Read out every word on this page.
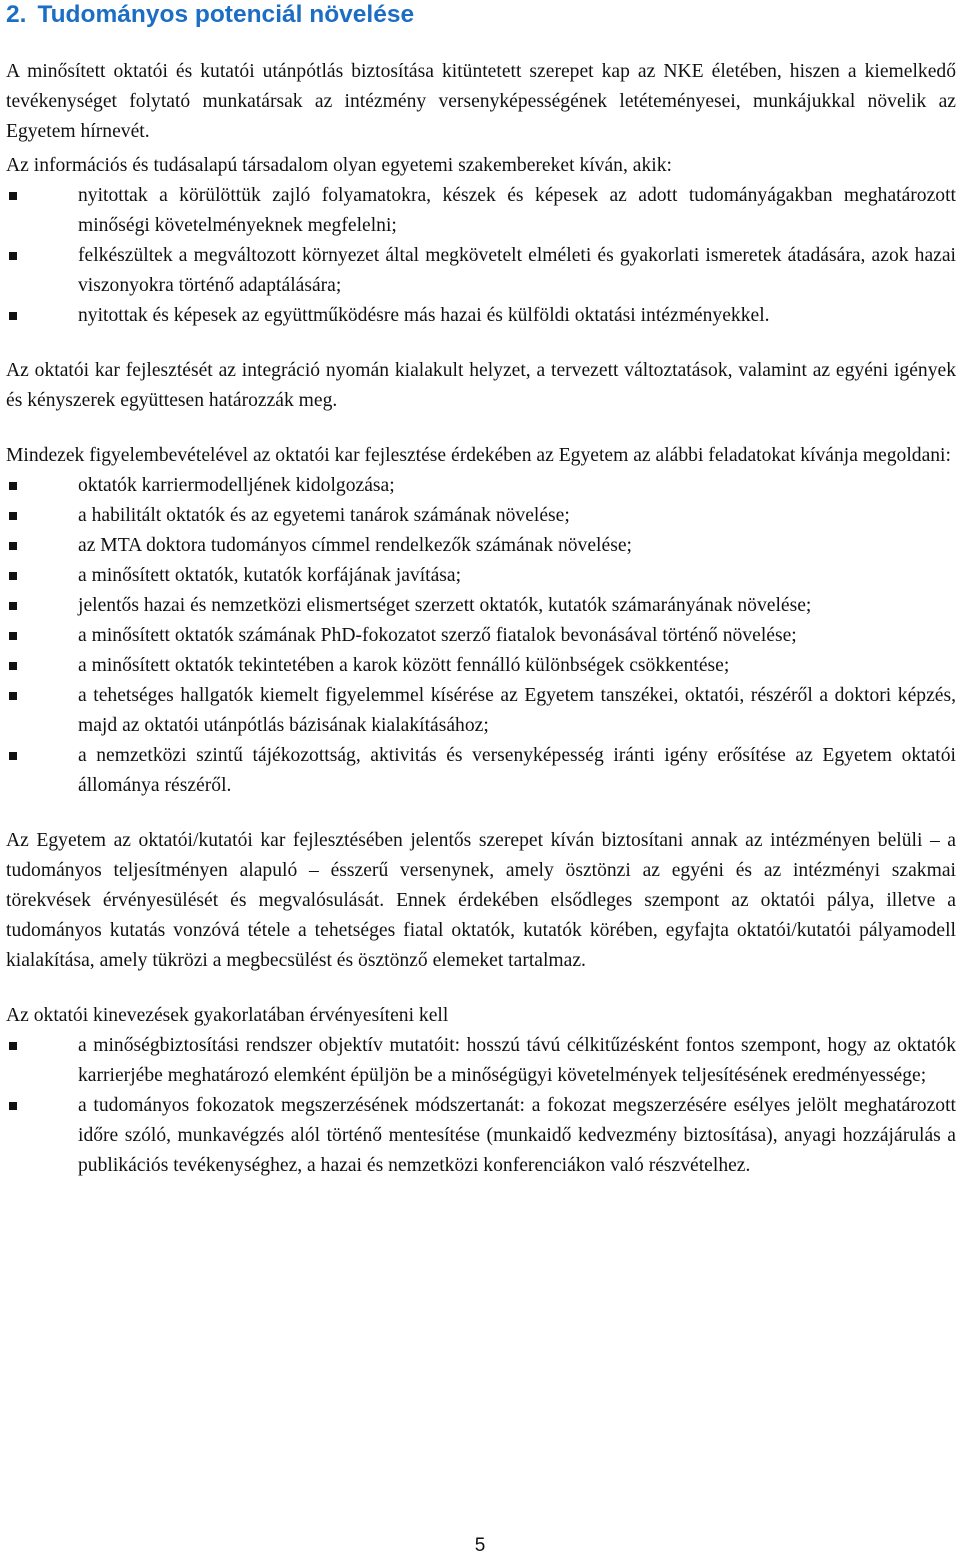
2. Tudományos potenciál növelése

A minősített oktatói és kutatói utánpótlás biztosítása kitüntetett szerepet kap az NKE életében, hiszen a kiemelkedő tevékenységet folytató munkatársak az intézmény versenyképességének letéteményesei, munkájukkal növelik az Egyetem hírnevét.

Az információs és tudásalapú társadalom olyan egyetemi szakembereket kíván, akik:

nyitottak a körülöttük zajló folyamatokra, készek és képesek az adott tudományágakban meghatározott minőségi követelményeknek megfelelni;
felkészültek a megváltozott környezet által megkövetelt elméleti és gyakorlati ismeretek átadására, azok hazai viszonyokra történő adaptálására;
nyitottak és képesek az együttműködésre más hazai és külföldi oktatási intézményekkel.

Az oktatói kar fejlesztését az integráció nyomán kialakult helyzet, a tervezett változtatások, valamint az egyéni igények és kényszerek együttesen határozzák meg.

Mindezek figyelembevételével az oktatói kar fejlesztése érdekében az Egyetem az alábbi feladatokat kívánja megoldani:

oktatók karriermodelljének kidolgozása;
a habilitált oktatók és az egyetemi tanárok számának növelése;
az MTA doktora tudományos címmel rendelkezők számának növelése;
a minősített oktatók, kutatók korfájának javítása;
jelentős hazai és nemzetközi elismertséget szerzett oktatók, kutatók számarányának növelése;
a minősített oktatók számának PhD-fokozatot szerző fiatalok bevonásával történő növelése;
a minősített oktatók tekintetében a karok között fennálló különbségek csökkentése;
a tehetséges hallgatók kiemelt figyelemmel kísérése az Egyetem tanszékei, oktatói, részéről a doktori képzés, majd az oktatói utánpótlás bázisának kialakításához;
a nemzetközi szintű tájékozottság, aktivitás és versenyképesség iránti igény erősítése az Egyetem oktatói állománya részéről.

Az Egyetem az oktatói/kutatói kar fejlesztésében jelentős szerepet kíván biztosítani annak az intézményen belüli – a tudományos teljesítményen alapuló – ésszerű versenynek, amely ösztönzi az egyéni és az intézményi szakmai törekvések érvényesülését és megvalósulását. Ennek érdekében elsődleges szempont az oktatói pálya, illetve a tudományos kutatás vonzóvá tétele a tehetséges fiatal oktatók, kutatók körében, egyfajta oktatói/kutatói pályamodell kialakítása, amely tükrözi a megbecsülést és ösztönző elemeket tartalmaz.

Az oktatói kinevezések gyakorlatában érvényesíteni kell

a minőségbiztosítási rendszer objektív mutatóit: hosszú távú célkitűzésként fontos szempont, hogy az oktatók karrierjébe meghatározó elemként épüljön be a minőségügyi követelmények teljesítésének eredményessége;
a tudományos fokozatok megszerzésének módszertanát: a fokozat megszerzésére esélyes jelölt meghatározott időre szóló, munkavégzés alól történő mentesítése (munkaidő kedvezmény biztosítása), anyagi hozzájárulás a publikációs tevékenységhez, a hazai és nemzetközi konferenciákon való részvételhez.
5
